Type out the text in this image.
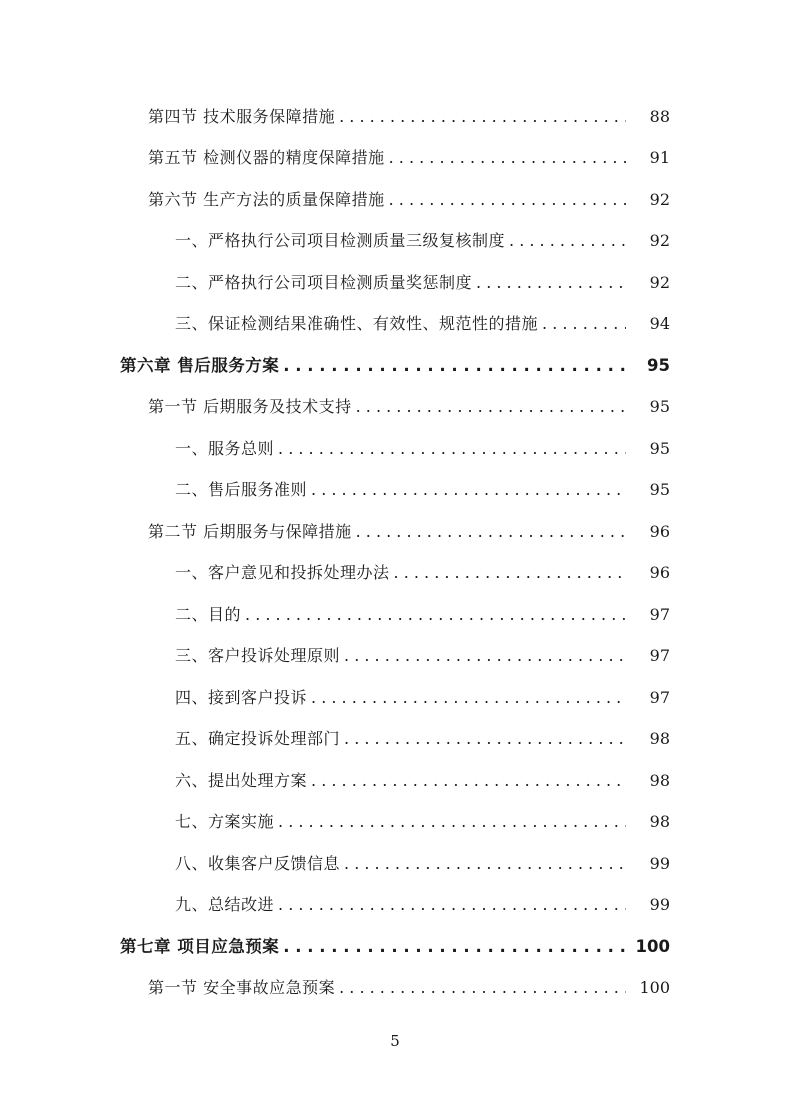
第四节 技术服务保障措施 . . .	88
第五节 检测仪器的精度保障措施 . . .	91
第六节 生产方法的质量保障措施 . . .	92
一、严格执行公司项目检测质量三级复核制度 . . .	92
二、严格执行公司项目检测质量奖惩制度 . . .	92
三、保证检测结果准确性、有效性、规范性的措施 . . .	94
第六章 售后服务方案 . . .	95
第一节 后期服务及技术支持 . . .	95
一、服务总则 . . .	95
二、售后服务准则 . . .	95
第二节 后期服务与保障措施 . . .	96
一、客户意见和投拆处理办法 . . .	96
二、目的 . . .	97
三、客户投诉处理原则 . . .	97
四、接到客户投诉 . . .	97
五、确定投诉处理部门 . . .	98
六、提出处理方案 . . .	98
七、方案实施 . . .	98
八、收集客户反馈信息 . . .	99
九、总结改进 . . .	99
第七章 项目应急预案 . . .	100
第一节 安全事故应急预案 . . .	100
5
